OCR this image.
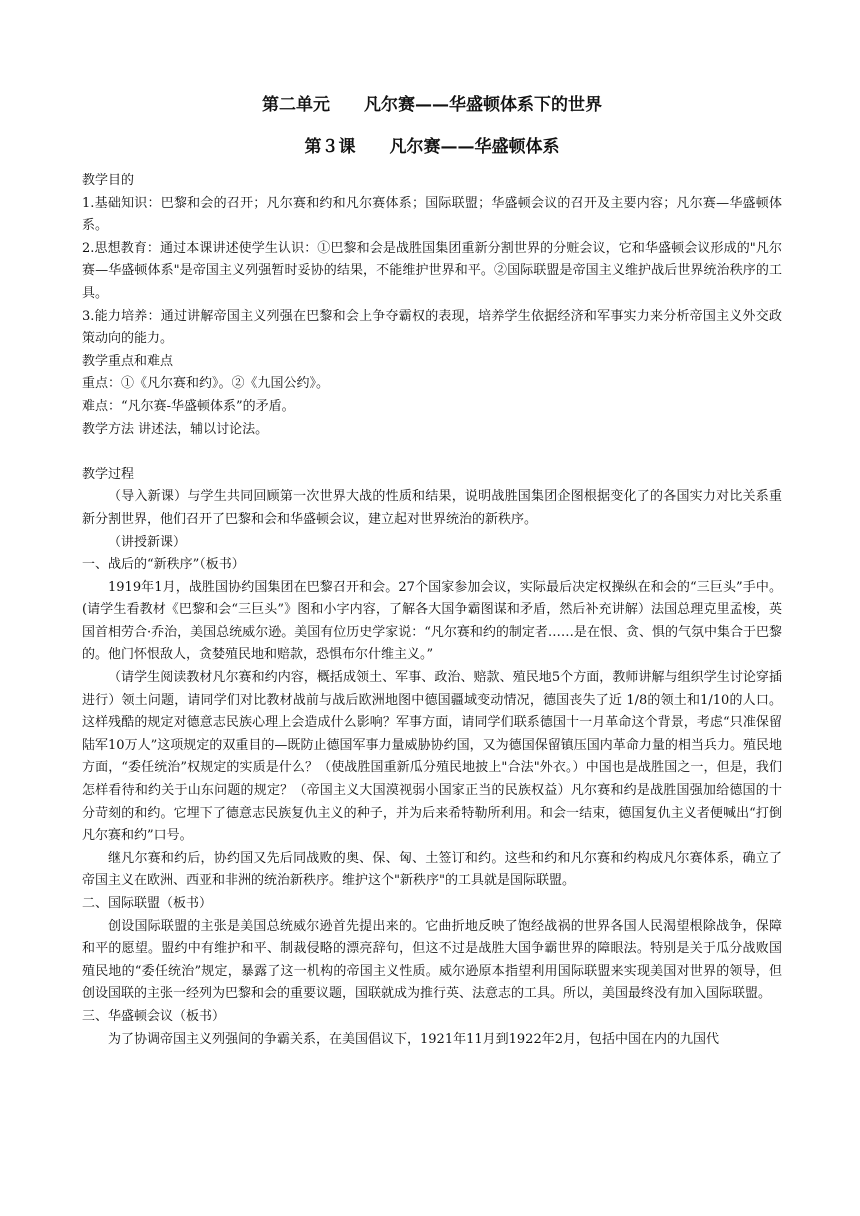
第二单元　　凡尔赛——华盛顿体系下的世界
第３课　　凡尔赛——华盛顿体系

教学目的

1.基础知识：巴黎和会的召开；凡尔赛和约和凡尔赛体系；国际联盟；华盛顿会议的召开及主要内容；凡尔赛—华盛顿体系。

2.思想教育：通过本课讲述使学生认识：①巴黎和会是战胜国集团重新分割世界的分赃会议，它和华盛顿会议形成的"凡尔赛—华盛顿体系"是帝国主义列强暂时妥协的结果，不能维护世界和平。②国际联盟是帝国主义维护战后世界统治秩序的工具。

3.能力培养：通过讲解帝国主义列强在巴黎和会上争夺霸权的表现，培养学生依据经济和军事实力来分析帝国主义外交政策动向的能力。

教学重点和难点

重点：①《凡尔赛和约》。②《九国公约》。

难点：“凡尔赛-华盛顿体系”的矛盾。

教学方法 讲述法，辅以讨论法。

教学过程

（导入新课）与学生共同回顾第一次世界大战的性质和结果，说明战胜国集团企图根据变化了的各国实力对比关系重新分割世界，他们召开了巴黎和会和华盛顿会议，建立起对世界统治的新秩序。

（讲授新课）

一、战后的“新秩序”（板书）

1919年1月，战胜国协约国集团在巴黎召开和会。27个国家参加会议，实际最后决定权操纵在和会的“三巨头”手中。(请学生看教材《巴黎和会“三巨头”》图和小字内容，了解各大国争霸图谋和矛盾，然后补充讲解）法国总理克里孟梭，英国首相劳合·乔治，美国总统威尔逊。美国有位历史学家说：“凡尔赛和约的制定者……是在恨、贪、惧的气氛中集合于巴黎的。他门怀恨敌人，贪婪殖民地和赔款，恐惧布尔什维主义。”

（请学生阅读教材凡尔赛和约内容，概括成领土、军事、政治、赔款、殖民地5个方面，教师讲解与组织学生讨论穿插进行）领土问题，请同学们对比教材战前与战后欧洲地图中德国疆域变动情况，德国丧失了近 1/8的领土和1/10的人口。这样残酷的规定对德意志民族心理上会造成什么影响？军事方面，请同学们联系德国十一月革命这个背景，考虑“只准保留陆军10万人”这项规定的双重目的—既防止德国军事力量威胁协约国，又为德国保留镇压国内革命力量的相当兵力。殖民地方面，“委任统治”权规定的实质是什么？（使战胜国重新瓜分殖民地披上"合法"外衣。）中国也是战胜国之一，但是，我们怎样看待和约关于山东问题的规定？（帝国主义大国漠视弱小国家正当的民族权益）凡尔赛和约是战胜国强加给德国的十分苛刻的和约。它埋下了德意志民族复仇主义的种子，并为后来希特勒所利用。和会一结束，德国复仇主义者便喊出“打倒凡尔赛和约”口号。

继凡尔赛和约后，协约国又先后同战败的奥、保、匈、土签订和约。这些和约和凡尔赛和约构成凡尔赛体系，确立了帝国主义在欧洲、西亚和非洲的统治新秩序。维护这个"新秩序"的工具就是国际联盟。

二、国际联盟（板书）

创设国际联盟的主张是美国总统威尔逊首先提出来的。它曲折地反映了饱经战祸的世界各国人民渴望根除战争，保障和平的愿望。盟约中有维护和平、制裁侵略的漂亮辞句，但这不过是战胜大国争霸世界的障眼法。特别是关于瓜分战败国殖民地的“委任统治”规定，暴露了这一机构的帝国主义性质。威尔逊原本指望利用国际联盟来实现美国对世界的领导，但创设国联的主张一经列为巴黎和会的重要议题，国联就成为推行英、法意志的工具。所以，美国最终没有加入国际联盟。

三、华盛顿会议（板书）

为了协调帝国主义列强间的争霸关系，在美国倡议下，1921年11月到1922年2月，包括中国在内的九国代
